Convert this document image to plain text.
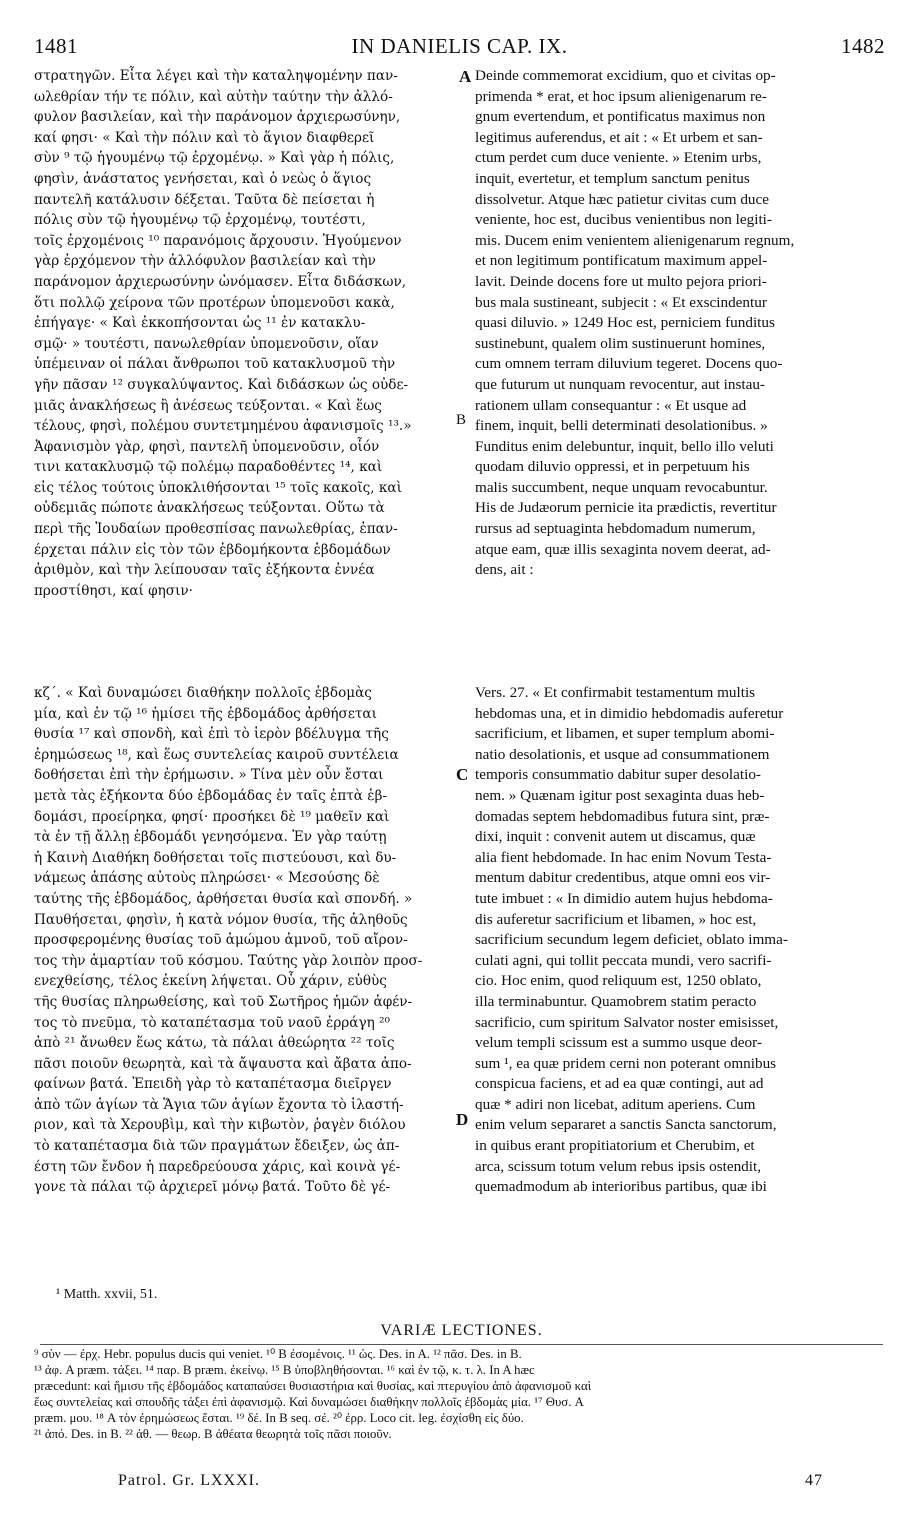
1481	IN DANIELIS CAP. IX.	1482
A
B
C
D
στρατηγῶν. Εἶτα λέγει καὶ τὴν καταληψομένην παν-
ωλεθρίαν τήν τε πόλιν, καὶ αὐτὴν ταύτην τὴν ἀλλό-
φυλον βασιλείαν, καὶ τὴν παράνομον ἀρχιερωσύνην,
καί φησι· « Καὶ τὴν πόλιν καὶ τὸ ἅγιον διαφθερεῖ
σὺν ⁹ τῷ ἡγουμένῳ τῷ ἐρχομένῳ. » Καὶ γὰρ ἡ πόλις,
φησὶν, ἀνάστατος γενήσεται, καὶ ὁ νεὼς ὁ ἅγιος
παντελῆ κατάλυσιν δέξεται. Ταῦτα δὲ πείσεται ἡ
πόλις σὺν τῷ ἡγουμένῳ τῷ ἐρχομένῳ, τουτέστι,
τοῖς ἐρχομένοις ¹⁰ παρανόμοις ἄρχουσιν. Ἡγούμενον
γὰρ ἐρχόμενον τὴν ἀλλόφυλον βασιλείαν καὶ τὴν
παράνομον ἀρχιερωσύνην ὠνόμασεν. Εἶτα διδάσκων,
ὅτι πολλῷ χείρονα τῶν προτέρων ὑπομενοῦσι κακὰ,
ἐπήγαγε· « Καὶ ἐκκοπήσονται ὡς ¹¹ ἐν κατακλυ-
σμῷ· » τουτέστι, πανωλεθρίαν ὑπομενοῦσιν, οἵαν
ὑπέμειναν οἱ πάλαι ἄνθρωποι τοῦ κατακλυσμοῦ τὴν
γῆν πᾶσαν ¹² συγκαλύψαντος. Καὶ διδάσκων ὡς οὐδε-
μιᾶς ἀνακλήσεως ἢ ἀνέσεως τεύξονται. « Καὶ ἕως
τέλους, φησὶ, πολέμου συντετμημένου ἀφανισμοῖς ¹³.»
Ἀφανισμὸν γὰρ, φησὶ, παντελῆ ὑπομενοῦσιν, οἷόν
τινι κατακλυσμῷ τῷ πολέμῳ παραδοθέντες ¹⁴, καὶ
εἰς τέλος τούτοις ὑποκλιθήσονται ¹⁵ τοῖς κακοῖς, καὶ
οὐδεμιᾶς πώποτε ἀνακλήσεως τεύξονται. Οὕτω τὰ
περὶ τῆς Ἰουδαίων προθεσπίσας πανωλεθρίας, ἐπαν-
έρχεται πάλιν εἰς τὸν τῶν ἑβδομήκοντα ἑβδομάδων
ἀριθμὸν, καὶ τὴν λείπουσαν ταῖς ἑξήκοντα ἐννέα
προστίθησι, καί φησιν·
Deinde commemorat excidium, quo et civitas op-
primenda * erat, et hoc ipsum alienigenarum re-
gnum evertendum, et pontificatus maximus non
legitimus auferendus, et ait : « Et urbem et san-
ctum perdet cum duce veniente. » Etenim urbs,
inquit, evertetur, et templum sanctum penitus
dissolvetur. Atque hæc patietur civitas cum duce
veniente, hoc est, ducibus venientibus non legiti-
mis. Ducem enim venientem alienigenarum regnum,
et non legitimum pontificatum maximum appel-
lavit. Deinde docens fore ut multo pejora priori-
bus mala sustineant, subjecit : « Et exscindentur
quasi diluvio. » 1249 Hoc est, perniciem funditus
sustinebunt, qualem olim sustinuerunt homines,
cum omnem terram diluvium tegeret. Docens quo-
que futurum ut nunquam revocentur, aut instau-
rationem ullam consequantur : « Et usque ad
finem, inquit, belli determinati desolationibus. »
Funditus enim delebuntur, inquit, bello illo veluti
quodam diluvio oppressi, et in perpetuum his
malis succumbent, neque unquam revocabuntur.
His de Judæorum pernicie ita prædictis, revertitur
rursus ad septuaginta hebdomadum numerum,
atque eam, quæ illis sexaginta novem deerat, ad-
dens, ait :
κζ΄. « Καὶ δυναμώσει διαθήκην πολλοῖς ἑβδομὰς
μία, καὶ ἐν τῷ ¹⁶ ἡμίσει τῆς ἑβδομάδος ἀρθήσεται
θυσία ¹⁷ καὶ σπονδὴ, καὶ ἐπὶ τὸ ἱερὸν βδέλυγμα τῆς
ἐρημώσεως ¹⁸, καὶ ἕως συντελείας καιροῦ συντέλεια
δοθήσεται ἐπὶ τὴν ἐρήμωσιν. » Τίνα μὲν οὖν ἔσται
μετὰ τὰς ἑξήκοντα δύο ἑβδομάδας ἐν ταῖς ἑπτὰ ἑβ-
δομάσι, προείρηκα, φησί· προσήκει δὲ ¹⁹ μαθεῖν καὶ
τὰ ἐν τῇ ἄλλῃ ἑβδομάδι γενησόμενα. Ἐν γὰρ ταύτῃ
ἡ Καινὴ Διαθήκη δοθήσεται τοῖς πιστεύουσι, καὶ δυ-
νάμεως ἁπάσης αὐτοὺς πληρώσει· « Μεσούσης δὲ
ταύτης τῆς ἑβδομάδος, ἀρθήσεται θυσία καὶ σπονδή. »
Παυθήσεται, φησὶν, ἡ κατὰ νόμον θυσία, τῆς ἀληθοῦς
προσφερομένης θυσίας τοῦ ἀμώμου ἀμνοῦ, τοῦ αἴρον-
τος τὴν ἁμαρτίαν τοῦ κόσμου. Ταύτης γὰρ λοιπὸν προσ-
ενεχθείσης, τέλος ἐκείνη λήψεται. Οὗ χάριν, εὐθὺς
τῆς θυσίας πληρωθείσης, καὶ τοῦ Σωτῆρος ἡμῶν ἀφέν-
τος τὸ πνεῦμα, τὸ καταπέτασμα τοῦ ναοῦ ἐρράγη ²⁰
ἀπὸ ²¹ ἄνωθεν ἕως κάτω, τὰ πάλαι ἀθεώρητα ²² τοῖς
πᾶσι ποιοῦν θεωρητὰ, καὶ τὰ ἄψαυστα καὶ ἄβατα ἀπο-
φαίνων βατά. Ἐπειδὴ γὰρ τὸ καταπέτασμα διεῖργεν
ἀπὸ τῶν ἁγίων τὰ Ἅγια τῶν ἁγίων ἔχοντα τὸ ἱλαστή-
ριον, καὶ τὰ Χερουβὶμ, καὶ τὴν κιβωτὸν, ῥαγὲν διόλου
τὸ καταπέτασμα διὰ τῶν πραγμάτων ἔδειξεν, ὡς ἀπ-
έστη τῶν ἔνδον ἡ παρεδρεύουσα χάρις, καὶ κοινὰ γέ-
γονε τὰ πάλαι τῷ ἀρχιερεῖ μόνῳ βατά. Τοῦτο δὲ γέ-
Vers. 27. « Et confirmabit testamentum multis
hebdomas una, et in dimidio hebdomadis auferetur
sacrificium, et libamen, et super templum abomi-
natio desolationis, et usque ad consummationem
temporis consummatio dabitur super desolatio-
nem. » Quænam igitur post sexaginta duas heb-
domadas septem hebdomadibus futura sint, præ-
dixi, inquit : convenit autem ut discamus, quæ
alia fient hebdomade. In hac enim Novum Testa-
mentum dabitur credentibus, atque omni eos vir-
tute imbuet : « In dimidio autem hujus hebdoma-
dis auferetur sacrificium et libamen, » hoc est,
sacrificium secundum legem deficiet, oblato imma-
culati agni, qui tollit peccata mundi, vero sacrifi-
cio. Hoc enim, quod reliquum est, 1250 oblato,
illa terminabuntur. Quamobrem statim peracto
sacrificio, cum spiritum Salvator noster emisisset,
velum templi scissum est a summo usque deor-
sum ¹, ea quæ pridem cerni non poterant omnibus
conspicua faciens, et ad ea quæ contingi, aut ad
quæ * adiri non licebat, aditum aperiens. Cum
enim velum separaret a sanctis Sancta sanctorum,
in quibus erant propitiatorium et Cherubim, et
arca, scissum totum velum rebus ipsis ostendit,
quemadmodum ab interioribus partibus, quæ ibi
¹ Matth. xxvii, 51.
VARIÆ LECTIONES.
⁹ σὺν — ἐρχ. Hebr. populus ducis qui veniet. ¹⁰ B ἐσομένοις. ¹¹ ὡς. Des. in A. ¹² πᾶσ. Des. in B.
¹³ ἀφ. A præm. τάξει. ¹⁴ παρ. B præm. ἐκείνῳ. ¹⁵ B ὑποβληθήσονται. ¹⁶ καὶ ἐν τῷ, κ. τ. λ. In A hæc
præcedunt: καὶ ἥμισυ τῆς ἑβδομάδος καταπαύσει θυσιαστήρια καὶ θυσίας, καὶ πτερυγίου ἀπὸ ἀφανισμοῦ καὶ
ἕως συντελείας καὶ σπουδῆς τάξει ἐπὶ ἀφανισμῷ. Καὶ δυναμώσει διαθήκην πολλοῖς ἑβδομὰς μία. ¹⁷ Θυσ. A
præm. μου. ¹⁸ A τὸν ἐρημώσεως ἔσται. ¹⁹ δέ. In B seq. σέ. ²⁰ ἐρρ. Loco cit. leg. ἐσχίσθη εἰς δύο.
²¹ ἀπό. Des. in B. ²² ἀθ. — θεωρ. B ἀθέατα θεωρητὰ τοῖς πᾶσι ποιοῦν.
Patrol. Gr. LXXXI.	47
